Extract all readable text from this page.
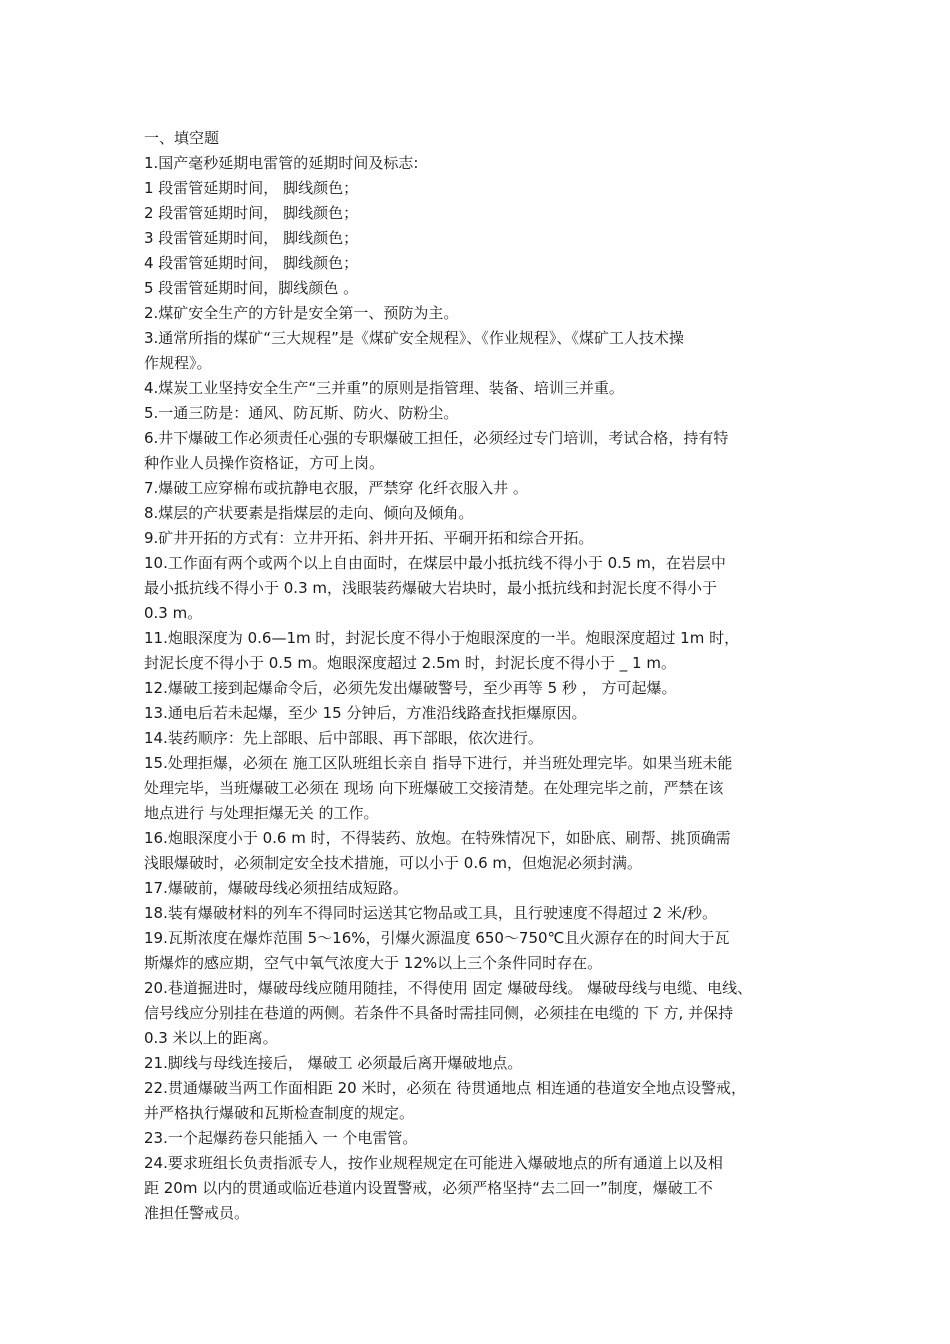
一、填空题
1.国产毫秒延期电雷管的延期时间及标志:
1 段雷管延期时间， 脚线颜色；
2 段雷管延期时间， 脚线颜色；
3 段雷管延期时间， 脚线颜色；
4 段雷管延期时间， 脚线颜色；
5 段雷管延期时间，脚线颜色 。
2.煤矿安全生产的方针是安全第一、预防为主。
3.通常所指的煤矿“三大规程”是《煤矿安全规程》、《作业规程》、《煤矿工人技术操
作规程》。
4.煤炭工业坚持安全生产“三并重”的原则是指管理、装备、培训三并重。
5.一通三防是：通风、防瓦斯、防火、防粉尘。
6.井下爆破工作必须责任心强的专职爆破工担任，必须经过专门培训，考试合格，持有特
种作业人员操作资格证，方可上岗。
7.爆破工应穿棉布或抗静电衣服，严禁穿 化纤衣服入井 。
8.煤层的产状要素是指煤层的走向、倾向及倾角。
9.矿井开拓的方式有：立井开拓、斜井开拓、平硐开拓和综合开拓。
10.工作面有两个或两个以上自由面时，在煤层中最小抵抗线不得小于 0.5 m，在岩层中
最小抵抗线不得小于 0.3 m，浅眼装药爆破大岩块时，最小抵抗线和封泥长度不得小于
0.3 m。
11.炮眼深度为 0.6—1m 时，封泥长度不得小于炮眼深度的一半。炮眼深度超过 1m 时，
封泥长度不得小于 0.5 m。炮眼深度超过 2.5m 时，封泥长度不得小于 _ 1 m。
12.爆破工接到起爆命令后，必须先发出爆破警号，至少再等 5 秒 ， 方可起爆。
13.通电后若未起爆，至少 15 分钟后，方准沿线路查找拒爆原因。
14.装药顺序：先上部眼、后中部眼、再下部眼，依次进行。
15.处理拒爆，必须在 施工区队班组长亲自 指导下进行，并当班处理完毕。如果当班未能
处理完毕，当班爆破工必须在 现场 向下班爆破工交接清楚。在处理完毕之前，严禁在该
地点进行 与处理拒爆无关 的工作。
16.炮眼深度小于 0.6 m 时，不得装药、放炮。在特殊情况下，如卧底、刷帮、挑顶确需
浅眼爆破时，必须制定安全技术措施，可以小于 0.6 m，但炮泥必须封满。
17.爆破前，爆破母线必须扭结成短路。
18.装有爆破材料的列车不得同时运送其它物品或工具，且行驶速度不得超过 2 米/秒。
19.瓦斯浓度在爆炸范围 5～16%，引爆火源温度 650～750℃且火源存在的时间大于瓦
斯爆炸的感应期，空气中氧气浓度大于 12%以上三个条件同时存在。
20.巷道掘进时，爆破母线应随用随挂，不得使用 固定 爆破母线。 爆破母线与电缆、电线、
信号线应分别挂在巷道的两侧。若条件不具备时需挂同侧，必须挂在电缆的 下 方, 并保持
0.3 米以上的距离。
21.脚线与母线连接后， 爆破工 必须最后离开爆破地点。
22.贯通爆破当两工作面相距 20 米时，必须在 待贯通地点 相连通的巷道安全地点设警戒，
并严格执行爆破和瓦斯检查制度的规定。
23.一个起爆药卷只能插入 一 个电雷管。
24.要求班组长负责指派专人，按作业规程规定在可能进入爆破地点的所有通道上以及相
距 20m 以内的贯通或临近巷道内设置警戒，必须严格坚持“去二回一”制度，爆破工不
准担任警戒员。
